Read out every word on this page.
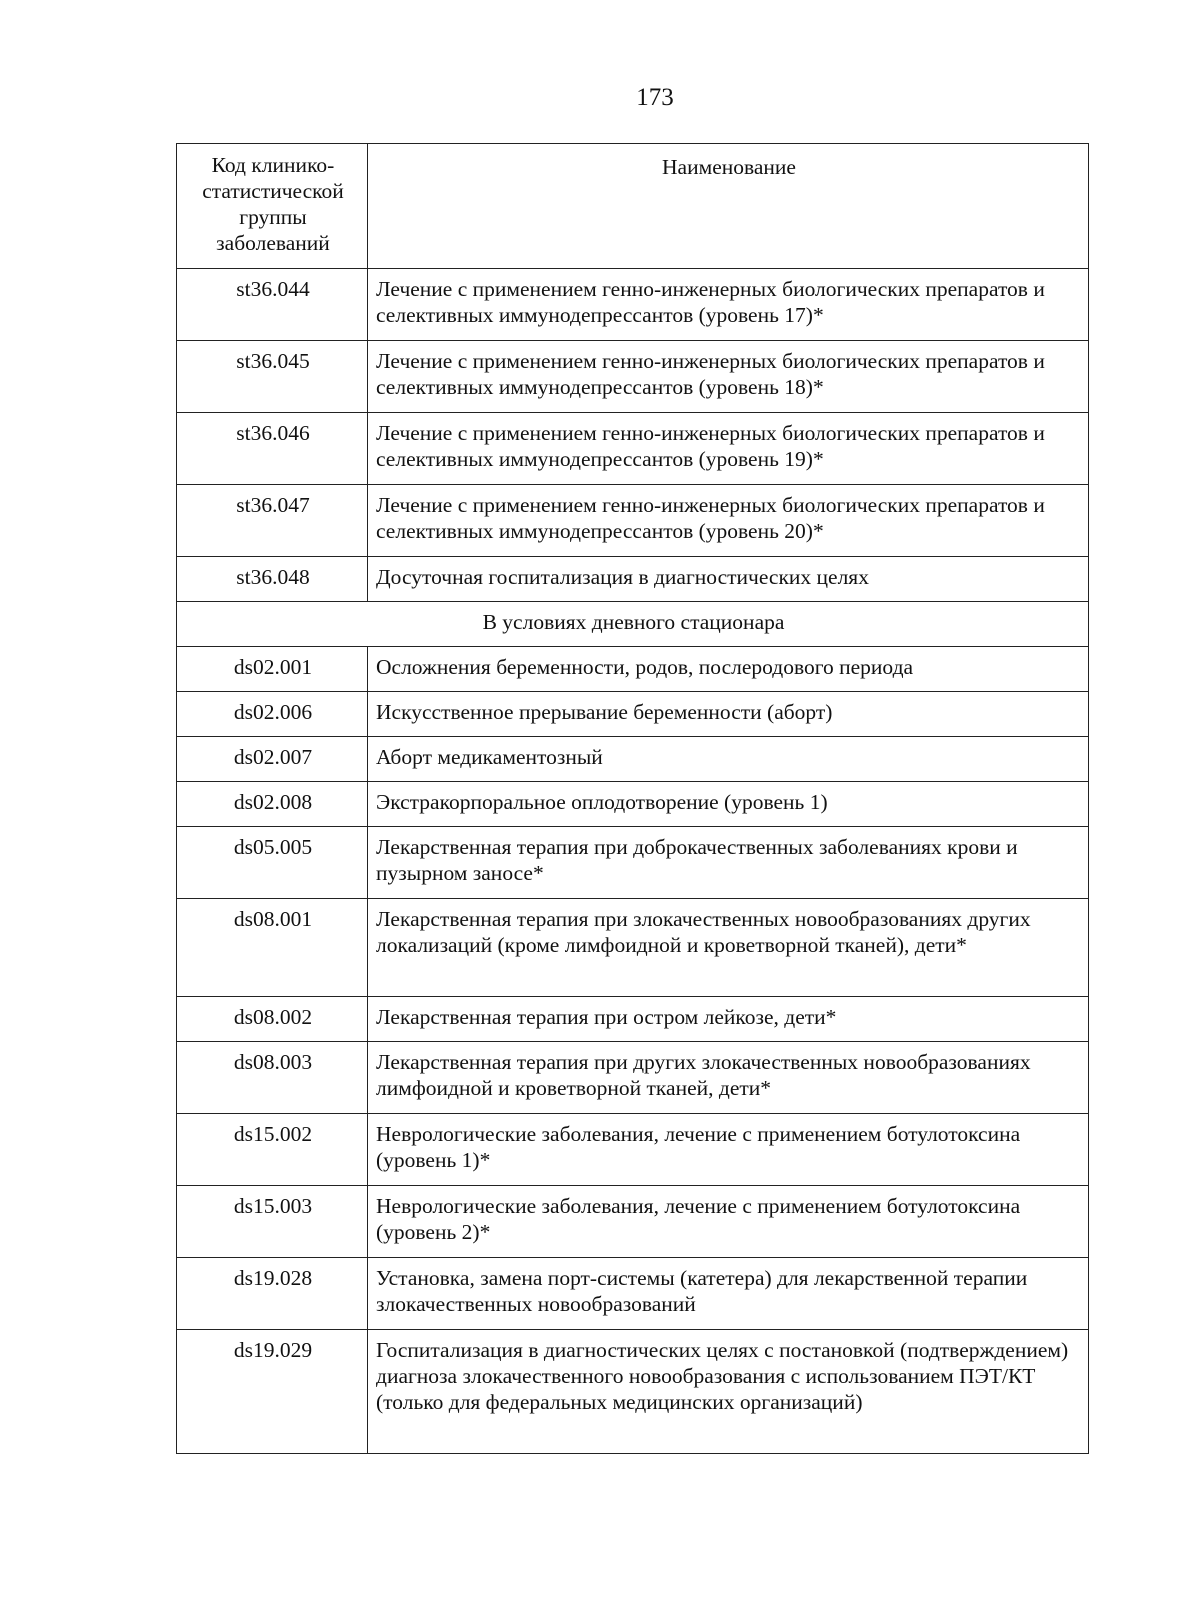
173
Код клинико-статистической группы заболеваний	Наименование
st36.044	Лечение с применением генно-инженерных биологических препаратов и селективных иммунодепрессантов (уровень 17)*
st36.045	Лечение с применением генно-инженерных биологических препаратов и селективных иммунодепрессантов (уровень 18)*
st36.046	Лечение с применением генно-инженерных биологических препаратов и селективных иммунодепрессантов (уровень 19)*
st36.047	Лечение с применением генно-инженерных биологических препаратов и селективных иммунодепрессантов (уровень 20)*
st36.048	Досуточная госпитализация в диагностических целях
В условиях дневного стационара	
ds02.001	Осложнения беременности, родов, послеродового периода
ds02.006	Искусственное прерывание беременности (аборт)
ds02.007	Аборт медикаментозный
ds02.008	Экстракорпоральное оплодотворение (уровень 1)
ds05.005	Лекарственная терапия при доброкачественных заболеваниях крови и пузырном заносе*
ds08.001	Лекарственная терапия при злокачественных новообразованиях других локализаций (кроме лимфоидной и кроветворной тканей), дети*
ds08.002	Лекарственная терапия при остром лейкозе, дети*
ds08.003	Лекарственная терапия при других злокачественных новообразованиях лимфоидной и кроветворной тканей, дети*
ds15.002	Неврологические заболевания, лечение с применением ботулотоксина (уровень 1)*
ds15.003	Неврологические заболевания, лечение с применением ботулотоксина (уровень 2)*
ds19.028	Установка, замена порт-системы (катетера) для лекарственной терапии злокачественных новообразований
ds19.029	Госпитализация в диагностических целях с постановкой (подтверждением) диагноза злокачественного новообразования с использованием ПЭТ/КТ (только для федеральных медицинских организаций)
